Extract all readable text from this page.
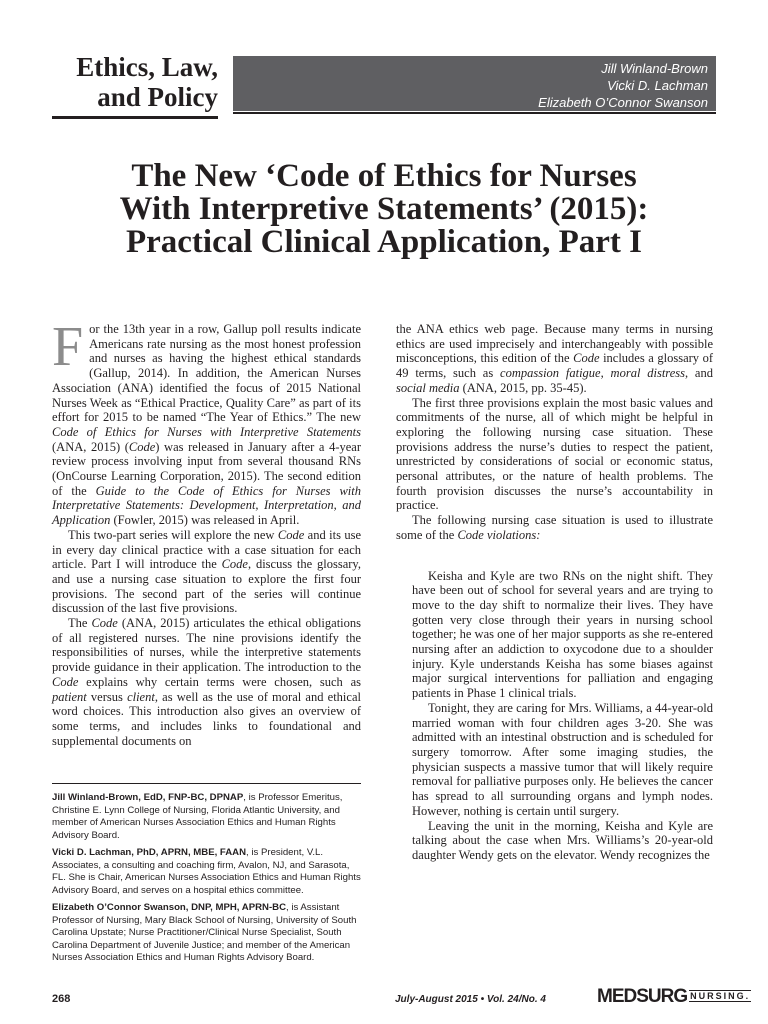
Ethics, Law,
and Policy
Jill Winland-Brown
Vicki D. Lachman
Elizabeth O’Connor Swanson
The New ‘Code of Ethics for Nurses
With Interpretive Statements’ (2015):
Practical Clinical Application, Part I

For the 13th year in a row, Gallup poll results indicate Americans rate nursing as the most honest profession and nurses as having the highest ethical standards (Gallup, 2014). In addition, the American Nurses Association (ANA) identified the focus of 2015 National Nurses Week as “Ethical Practice, Quality Care” as part of its effort for 2015 to be named “The Year of Ethics.” The new Code of Ethics for Nurses with Interpretive Statements (ANA, 2015) (Code) was released in January after a 4-year review process involving input from several thousand RNs (OnCourse Learning Corporation, 2015). The second edition of the Guide to the Code of Ethics for Nurses with Interpretative Statements: Development, Interpretation, and Application (Fowler, 2015) was released in April.

This two-part series will explore the new Code and its use in every day clinical practice with a case situation for each article. Part I will introduce the Code, discuss the glossary, and use a nursing case situation to explore the first four provisions. The second part of the series will continue discussion of the last five provisions.

The Code (ANA, 2015) articulates the ethical obligations of all registered nurses. The nine provisions identify the responsibilities of nurses, while the interpretive statements provide guidance in their application. The introduction to the Code explains why certain terms were chosen, such as patient versus client, as well as the use of moral and ethical word choices. This introduction also gives an overview of some terms, and includes links to foundational and supplemental documents on

Jill Winland-Brown, EdD, FNP-BC, DPNAP, is Professor Emeritus, Christine E. Lynn College of Nursing, Florida Atlantic University, and member of American Nurses Association Ethics and Human Rights Advisory Board.

Vicki D. Lachman, PhD, APRN, MBE, FAAN, is President, V.L. Associates, a consulting and coaching firm, Avalon, NJ, and Sarasota, FL. She is Chair, American Nurses Association Ethics and Human Rights Advisory Board, and serves on a hospital ethics committee.

Elizabeth O’Connor Swanson, DNP, MPH, APRN-BC, is Assistant Professor of Nursing, Mary Black School of Nursing, University of South Carolina Upstate; Nurse Practitioner/Clinical Nurse Specialist, South Carolina Department of Juvenile Justice; and member of the American Nurses Association Ethics and Human Rights Advisory Board.

the ANA ethics web page. Because many terms in nursing ethics are used imprecisely and interchangeably with possible misconceptions, this edition of the Code includes a glossary of 49 terms, such as compassion fatigue, moral distress, and social media (ANA, 2015, pp. 35-45).

The first three provisions explain the most basic values and commitments of the nurse, all of which might be helpful in exploring the following nursing case situation. These provisions address the nurse’s duties to respect the patient, unrestricted by considerations of social or economic status, personal attributes, or the nature of health problems. The fourth provision discusses the nurse’s accountability in practice.

The following nursing case situation is used to illustrate some of the Code violations:

Keisha and Kyle are two RNs on the night shift. They have been out of school for several years and are trying to move to the day shift to normalize their lives. They have gotten very close through their years in nursing school together; he was one of her major supports as she re-entered nursing after an addiction to oxycodone due to a shoulder injury. Kyle understands Keisha has some biases against major surgical interventions for palliation and engaging patients in Phase 1 clinical trials.

Tonight, they are caring for Mrs. Williams, a 44-year-old married woman with four children ages 3-20. She was admitted with an intestinal obstruction and is scheduled for surgery tomorrow. After some imaging studies, the physician suspects a massive tumor that will likely require removal for palliative purposes only. He believes the cancer has spread to all surrounding organs and lymph nodes. However, nothing is certain until surgery.

Leaving the unit in the morning, Keisha and Kyle are talking about the case when Mrs. Williams’s 20-year-old daughter Wendy gets on the elevator. Wendy recognizes the

268	July-August 2015 • Vol. 24/No. 4	MEDSURG NURSING.
